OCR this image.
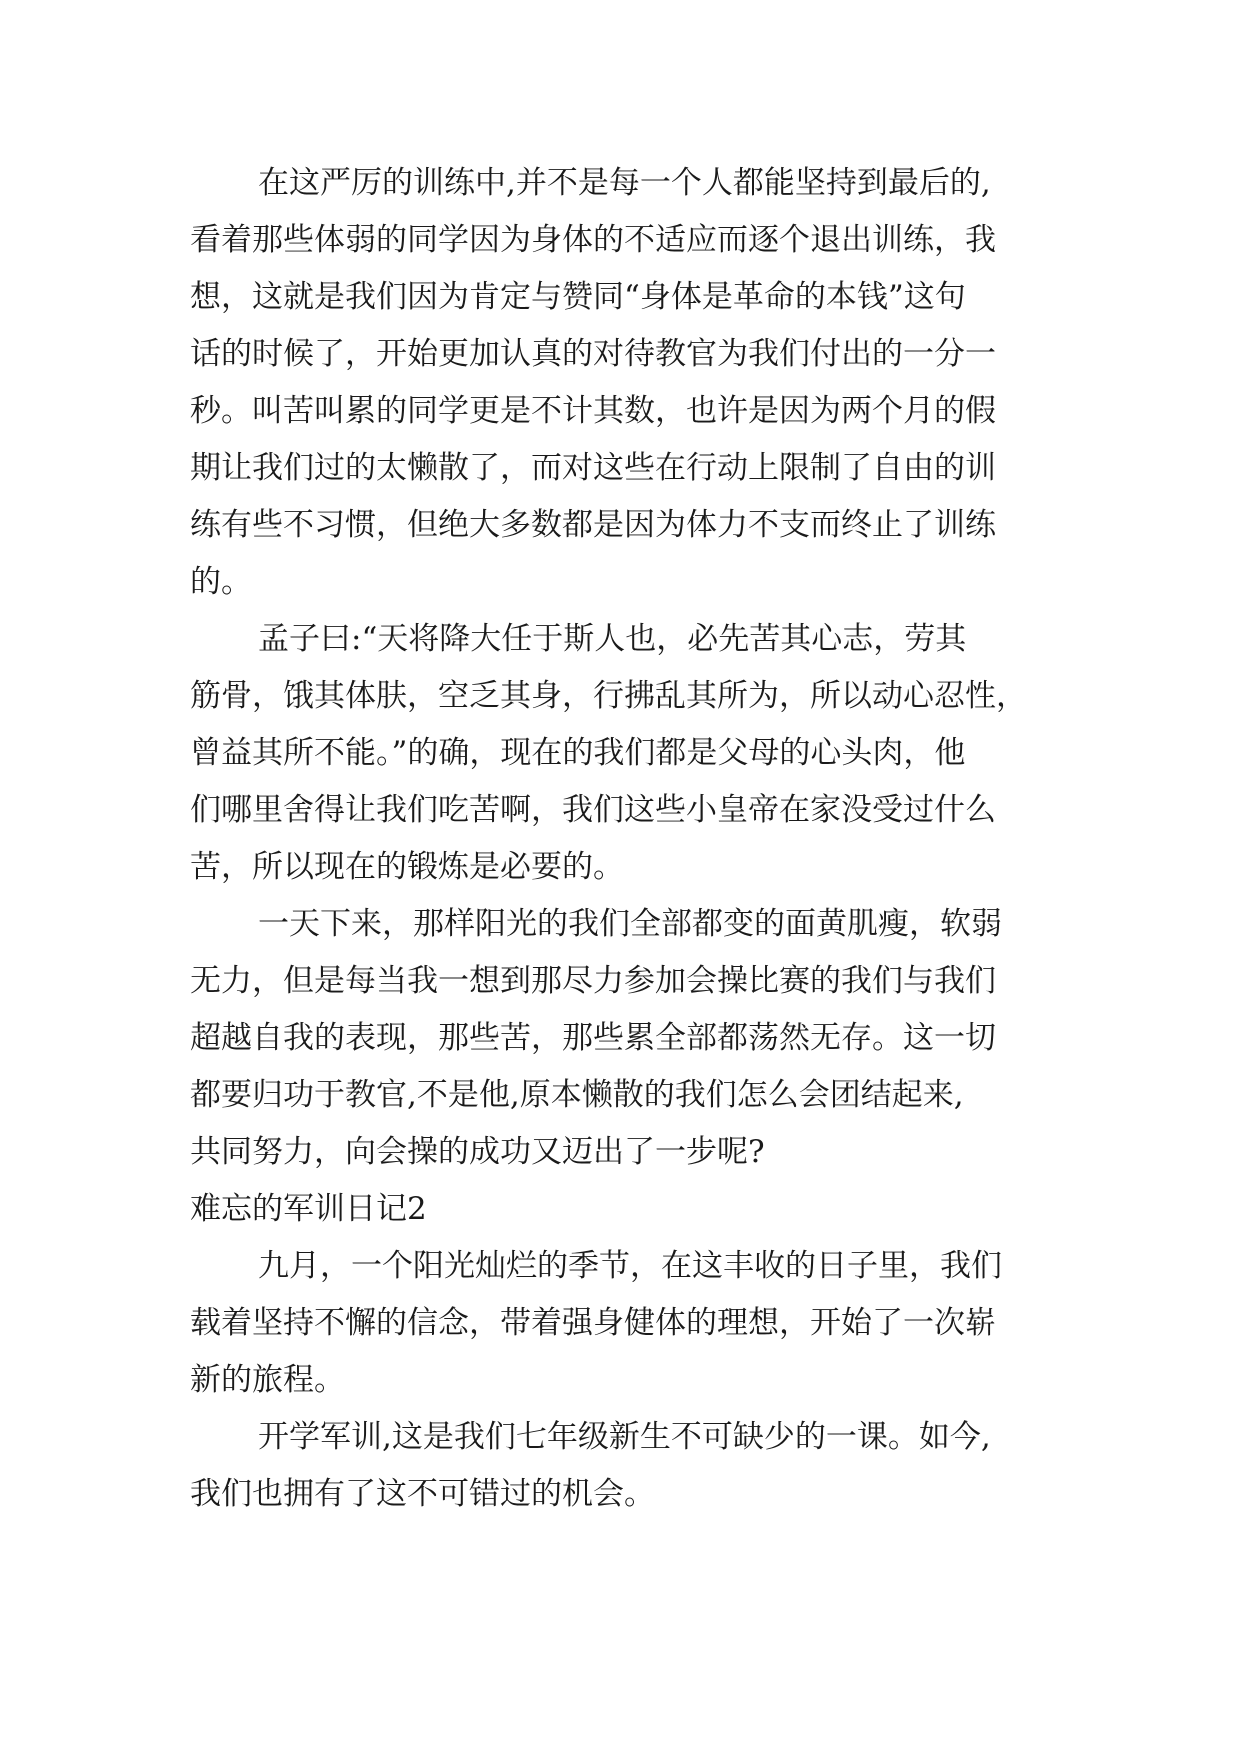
在这严厉的训练中,并不是每一个人都能坚持到最后的,
看着那些体弱的同学因为身体的不适应而逐个退出训练，我
想，这就是我们因为肯定与赞同“身体是革命的本钱”这句
话的时候了，开始更加认真的对待教官为我们付出的一分一
秒。叫苦叫累的同学更是不计其数，也许是因为两个月的假
期让我们过的太懒散了，而对这些在行动上限制了自由的训
练有些不习惯，但绝大多数都是因为体力不支而终止了训练
的。
孟子曰:“天将降大任于斯人也，必先苦其心志，劳其
筋骨，饿其体肤，空乏其身，行拂乱其所为，所以动心忍性，
曾益其所不能。”的确，现在的我们都是父母的心头肉，他
们哪里舍得让我们吃苦啊，我们这些小皇帝在家没受过什么
苦，所以现在的锻炼是必要的。
一天下来，那样阳光的我们全部都变的面黄肌瘦，软弱
无力，但是每当我一想到那尽力参加会操比赛的我们与我们
超越自我的表现，那些苦，那些累全部都荡然无存。这一切
都要归功于教官,不是他,原本懒散的我们怎么会团结起来,
共同努力，向会操的成功又迈出了一步呢?
难忘的军训日记2
九月，一个阳光灿烂的季节，在这丰收的日子里，我们
载着坚持不懈的信念，带着强身健体的理想，开始了一次崭
新的旅程。
开学军训,这是我们七年级新生不可缺少的一课。如今,
我们也拥有了这不可错过的机会。
